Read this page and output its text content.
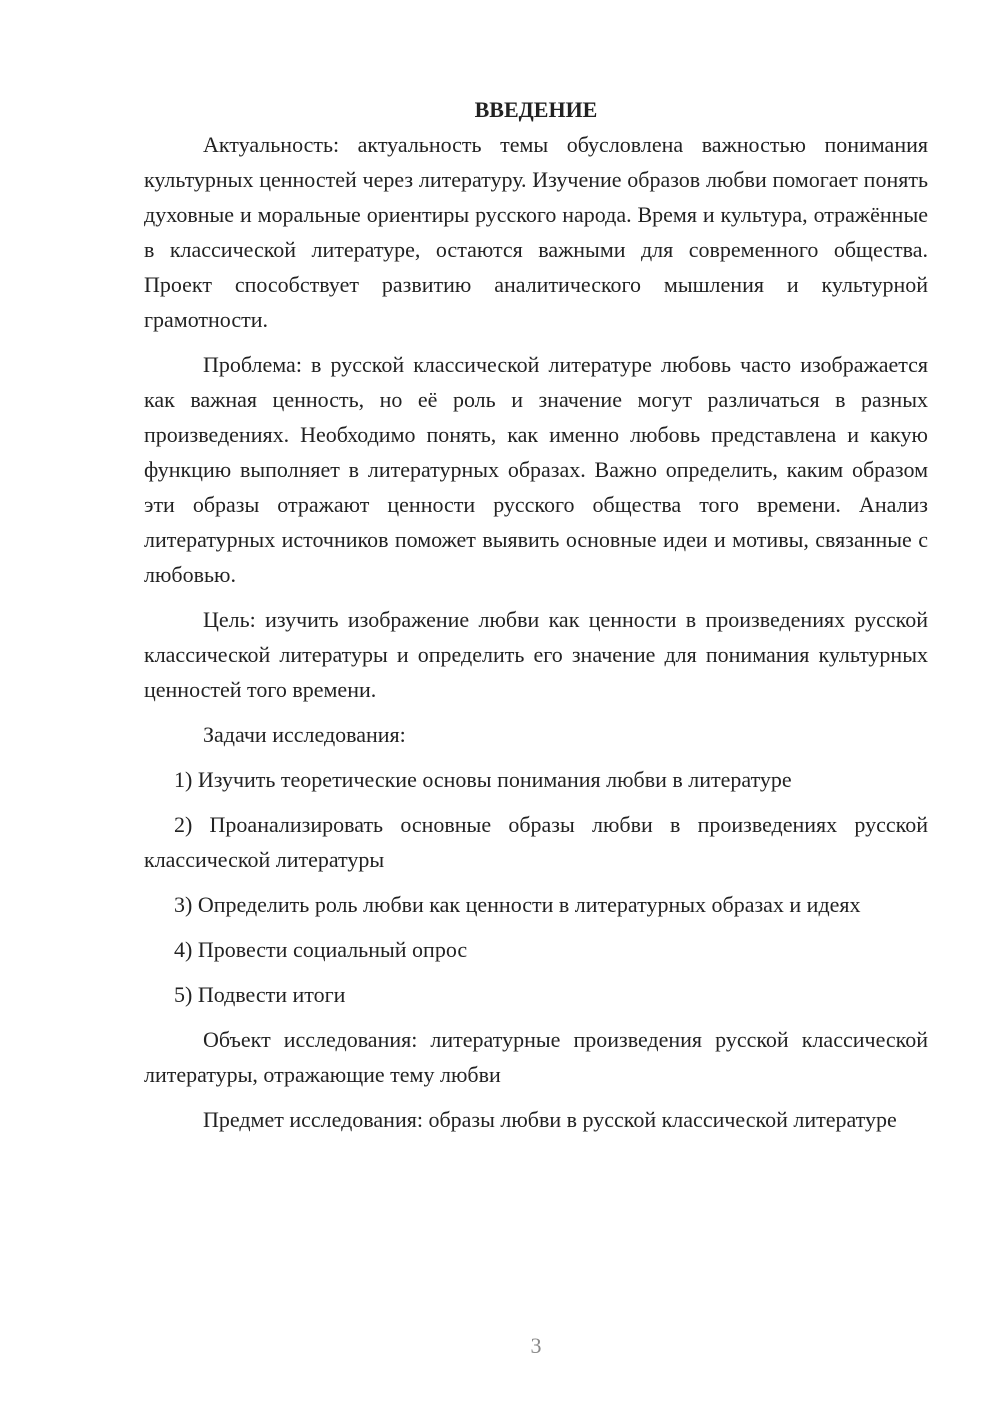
ВВЕДЕНИЕ

Актуальность: актуальность темы обусловлена важностью понимания культурных ценностей через литературу. Изучение образов любви помогает понять духовные и моральные ориентиры русского народа. Время и культура, отражённые в классической литературе, остаются важными для современного общества. Проект способствует развитию аналитического мышления и культурной грамотности.

Проблема: в русской классической литературе любовь часто изображается как важная ценность, но её роль и значение могут различаться в разных произведениях. Необходимо понять, как именно любовь представлена и какую функцию выполняет в литературных образах. Важно определить, каким образом эти образы отражают ценности русского общества того времени. Анализ литературных источников поможет выявить основные идеи и мотивы, связанные с любовью.

Цель: изучить изображение любви как ценности в произведениях русской классической литературы и определить его значение для понимания культурных ценностей того времени.

Задачи исследования:

1) Изучить теоретические основы понимания любви в литературе

2) Проанализировать основные образы любви в произведениях русской классической литературы

3) Определить роль любви как ценности в литературных образах и идеях

4) Провести социальный опрос

5) Подвести итоги

Объект исследования: литературные произведения русской классической литературы, отражающие тему любви

Предмет исследования: образы любви в русской классической литературе

3
